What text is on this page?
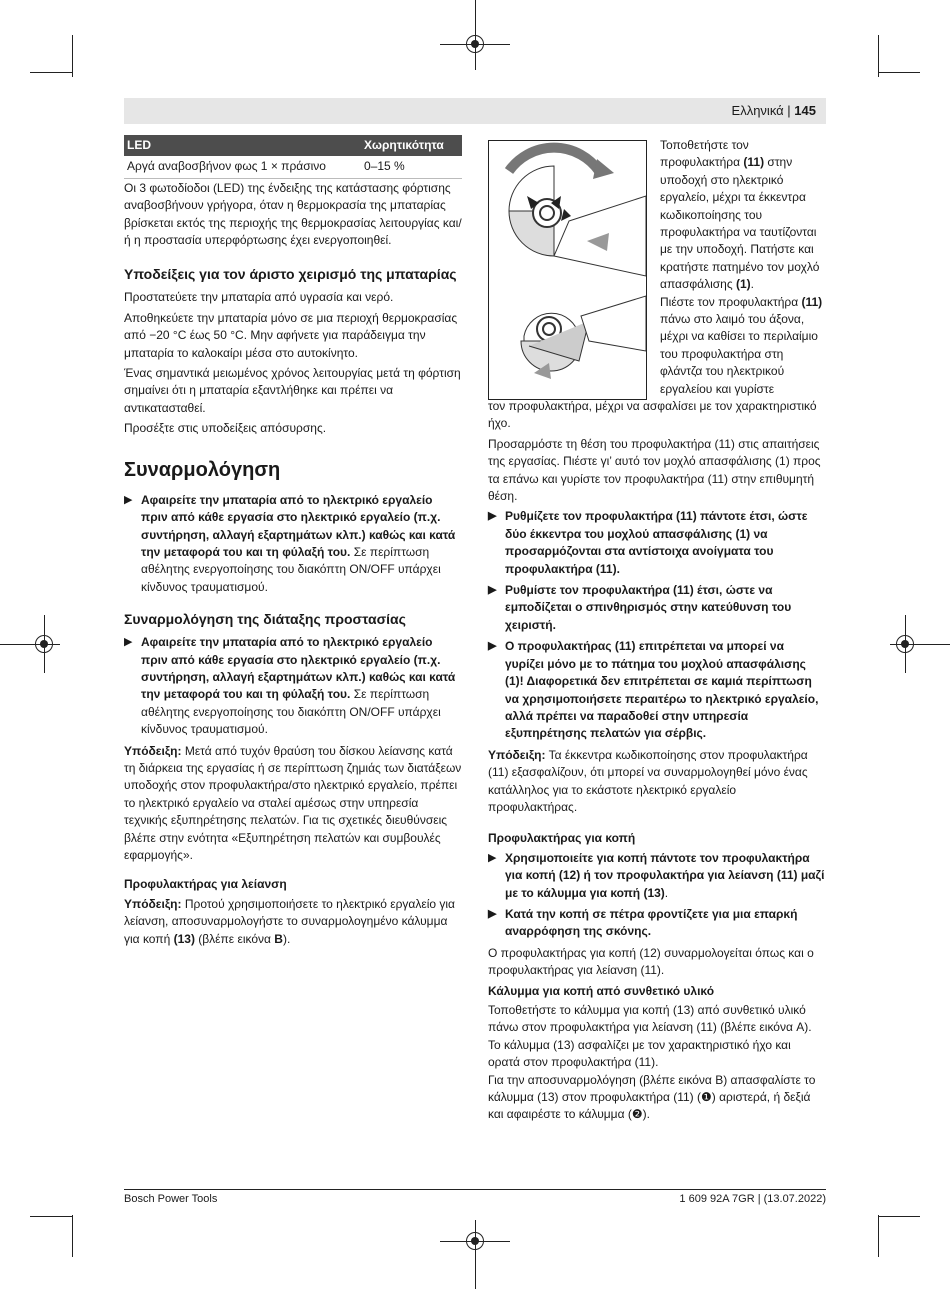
Ελληνικά | 145
LED	Χωρητικότητα
Αργά αναβοσβήνον φως 1 × πράσινο	0–15 %

Οι 3 φωτοδίοδοι (LED) της ένδειξης της κατάστασης φόρτισης αναβοσβήνουν γρήγορα, όταν η θερμοκρασία της μπαταρίας βρίσκεται εκτός της περιοχής της θερμοκρασίας λειτουργίας και/ή η προστασία υπερφόρτωσης έχει ενεργοποιηθεί.

Υποδείξεις για τον άριστο χειρισμό της μπαταρίας

Προστατεύετε την μπαταρία από υγρασία και νερό.

Αποθηκεύετε την μπαταρία μόνο σε μια περιοχή θερμοκρασίας από −20 °C έως 50 °C. Μην αφήνετε για παράδειγμα την μπαταρία το καλοκαίρι μέσα στο αυτοκίνητο.

Ένας σημαντικά μειωμένος χρόνος λειτουργίας μετά τη φόρτιση σημαίνει ότι η μπαταρία εξαντλήθηκε και πρέπει να αντικατασταθεί.

Προσέξτε στις υποδείξεις απόσυρσης.

Συναρμολόγηση
▶ Αφαιρείτε την μπαταρία από το ηλεκτρικό εργαλείο πριν από κάθε εργασία στο ηλεκτρικό εργαλείο (π.χ. συντήρηση, αλλαγή εξαρτημάτων κλπ.) καθώς και κατά την μεταφορά του και τη φύλαξή του. Σε περίπτωση αθέλητης ενεργοποίησης του διακόπτη ON/OFF υπάρχει κίνδυνος τραυματισμού.
Συναρμολόγηση της διάταξης προστασίας
▶ Αφαιρείτε την μπαταρία από το ηλεκτρικό εργαλείο πριν από κάθε εργασία στο ηλεκτρικό εργαλείο (π.χ. συντήρηση, αλλαγή εξαρτημάτων κλπ.) καθώς και κατά την μεταφορά του και τη φύλαξή του. Σε περίπτωση αθέλητης ενεργοποίησης του διακόπτη ON/OFF υπάρχει κίνδυνος τραυματισμού.

Υπόδειξη: Μετά από τυχόν θραύση του δίσκου λείανσης κατά τη διάρκεια της εργασίας ή σε περίπτωση ζημιάς των διατάξεων υποδοχής στον προφυλακτήρα/στο ηλεκτρικό εργαλείο, πρέπει το ηλεκτρικό εργαλείο να σταλεί αμέσως στην υπηρεσία τεχνικής εξυπηρέτησης πελατών. Για τις σχετικές διευθύνσεις βλέπε στην ενότητα «Εξυπηρέτηση πελατών και συμβουλές εφαρμογής».

Προφυλακτήρας για λείανση

Υπόδειξη: Προτού χρησιμοποιήσετε το ηλεκτρικό εργαλείο για λείανση, αποσυναρμολογήστε το συναρμολογημένο κάλυμμα για κοπή (13) (βλέπε εικόνα B).

Τοποθετήστε τον προφυλακτήρα (11) στην υποδοχή στο ηλεκτρικό εργαλείο, μέχρι τα έκκεντρα κωδικοποίησης του προφυλακτήρα να ταυτίζονται με την υποδοχή. Πατήστε και κρατήστε πατημένο τον μοχλό απασφάλισης (1).

Πιέστε τον προφυλακτήρα (11) πάνω στο λαιμό του άξονα, μέχρι να καθίσει το περιλαίμιο του προφυλακτήρα στη φλάντζα του ηλεκτρικού εργαλείου και γυρίστε

τον προφυλακτήρα, μέχρι να ασφαλίσει με τον χαρακτηριστικό ήχο.

Προσαρμόστε τη θέση του προφυλακτήρα (11) στις απαιτήσεις της εργασίας. Πιέστε γι’ αυτό τον μοχλό απασφάλισης (1) προς τα επάνω και γυρίστε τον προφυλακτήρα (11) στην επιθυμητή θέση.

▶ Ρυθμίζετε τον προφυλακτήρα (11) πάντοτε έτσι, ώστε δύο έκκεντρα του μοχλού απασφάλισης (1) να προσαρμόζονται στα αντίστοιχα ανοίγματα του προφυλακτήρα (11).
▶ Ρυθμίστε τον προφυλακτήρα (11) έτσι, ώστε να εμποδίζεται ο σπινθηρισμός στην κατεύθυνση του χειριστή.
▶ Ο προφυλακτήρας (11) επιτρέπεται να μπορεί να γυρίζει μόνο με το πάτημα του μοχλού απασφάλισης (1)! Διαφορετικά δεν επιτρέπεται σε καμιά περίπτωση να χρησιμοποιήσετε περαιτέρω το ηλεκτρικό εργαλείο, αλλά πρέπει να παραδοθεί στην υπηρεσία εξυπηρέτησης πελατών για σέρβις.

Υπόδειξη: Τα έκκεντρα κωδικοποίησης στον προφυλακτήρα (11) εξασφαλίζουν, ότι μπορεί να συναρμολογηθεί μόνο ένας κατάλληλος για το εκάστοτε ηλεκτρικό εργαλείο προφυλακτήρας.

Προφυλακτήρας για κοπή
▶ Χρησιμοποιείτε για κοπή πάντοτε τον προφυλακτήρα για κοπή (12) ή τον προφυλακτήρα για λείανση (11) μαζί με το κάλυμμα για κοπή (13).
▶ Κατά την κοπή σε πέτρα φροντίζετε για μια επαρκή αναρρόφηση της σκόνης.

Ο προφυλακτήρας για κοπή (12) συναρμολογείται όπως και ο προφυλακτήρας για λείανση (11).

Κάλυμμα για κοπή από συνθετικό υλικό

Τοποθετήστε το κάλυμμα για κοπή (13) από συνθετικό υλικό πάνω στον προφυλακτήρα για λείανση (11) (βλέπε εικόνα A). Το κάλυμμα (13) ασφαλίζει με τον χαρακτηριστικό ήχο και ορατά στον προφυλακτήρα (11).

Για την αποσυναρμολόγηση (βλέπε εικόνα B) απασφαλίστε το κάλυμμα (13) στον προφυλακτήρα (11) (❶) αριστερά, ή δεξιά και αφαιρέστε το κάλυμμα (❷).

Bosch Power Tools	1 609 92A 7GR | (13.07.2022)
